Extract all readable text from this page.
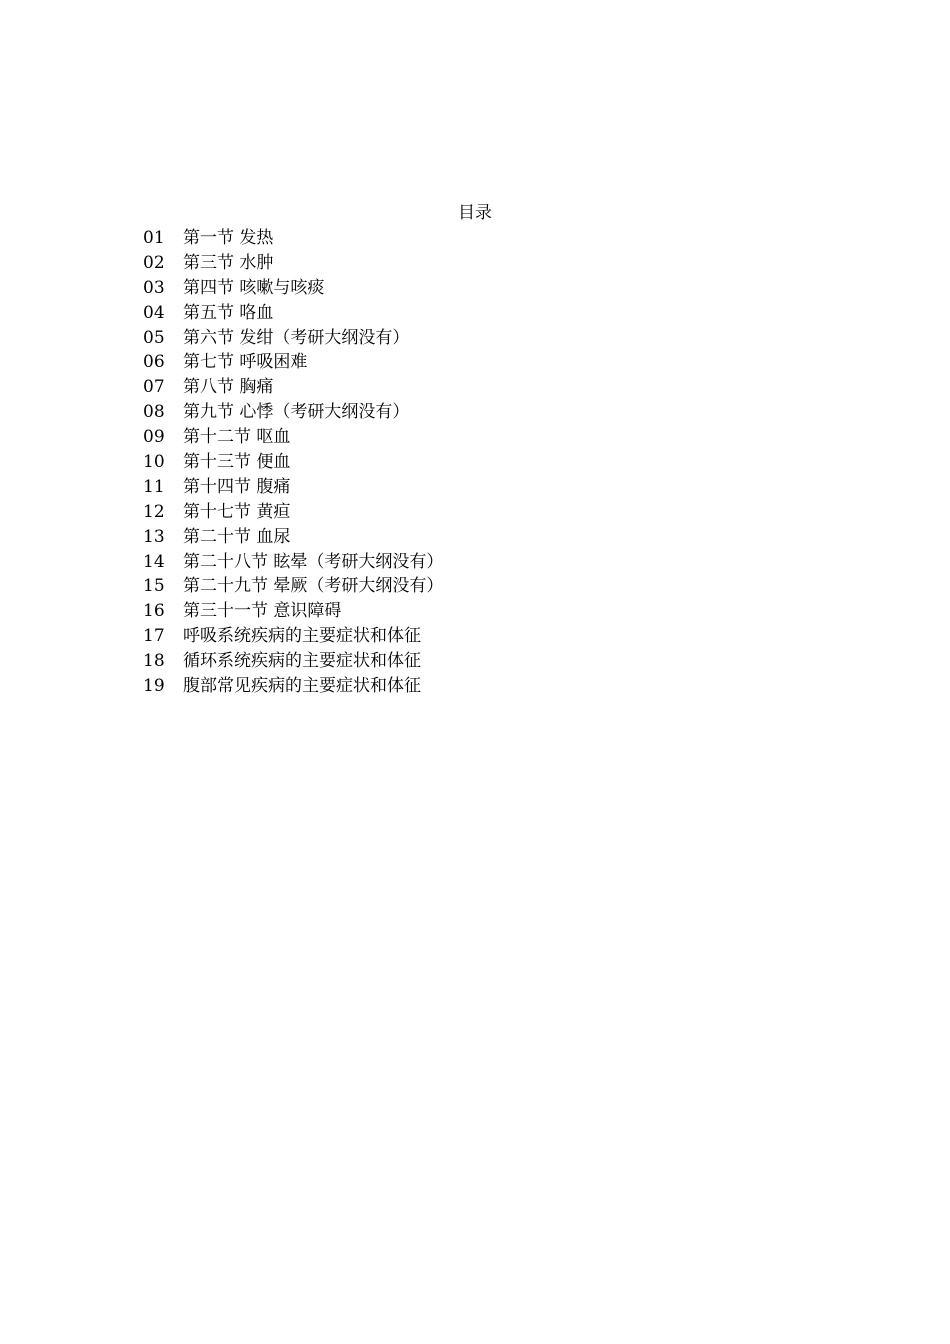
目录
01	第一节 发热
02	第三节 水肿
03	第四节 咳嗽与咳痰
04	第五节 咯血
05	第六节 发绀（考研大纲没有）
06	第七节 呼吸困难
07	第八节 胸痛
08	第九节 心悸（考研大纲没有）
09	第十二节 呕血
10	第十三节 便血
11	第十四节 腹痛
12	第十七节 黄疸
13	第二十节 血尿
14	第二十八节 眩晕（考研大纲没有）
15	第二十九节 晕厥（考研大纲没有）
16	第三十一节 意识障碍
17	呼吸系统疾病的主要症状和体征
18	循环系统疾病的主要症状和体征
19	腹部常见疾病的主要症状和体征
